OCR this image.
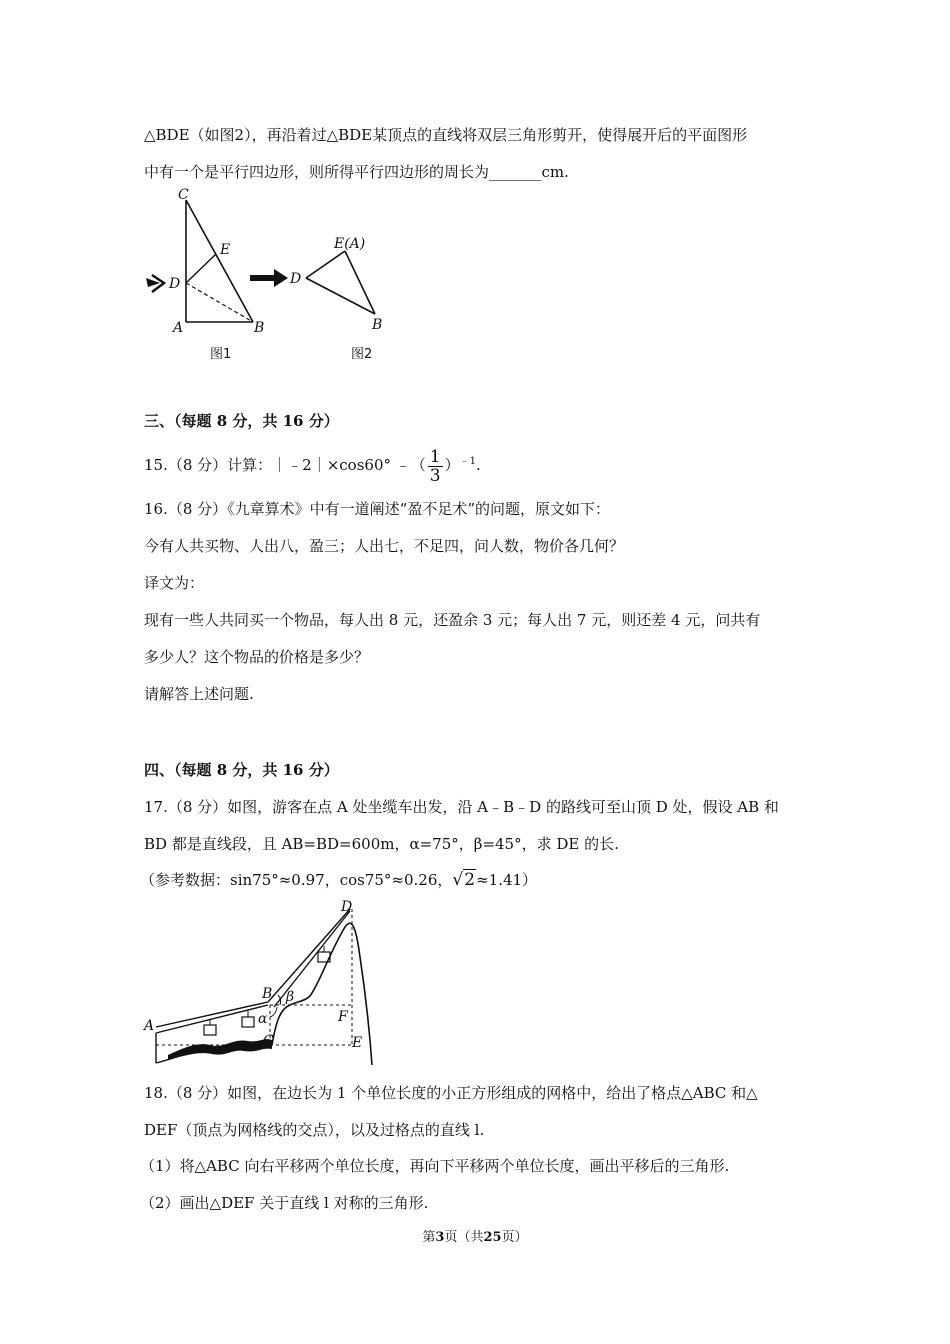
△BDE（如图2），再沿着过△BDE某顶点的直线将双层三角形剪开，使得展开后的平面图形
中有一个是平行四边形，则所得平行四边形的周长为_______cm.
C
E
D
A	B
图1
E(A)
D
B
图2
三、（每题 8 分，共 16 分）
15.（8 分）计算：｜﹣2｜×cos60° ﹣（ $\frac{1}{3} )^{﹣1}$.
16.（8 分）《九章算术》中有一道阐述“盈不足术”的问题，原文如下：
今有人共买物、人出八，盈三；人出七，不足四，问人数，物价各几何？
译文为：
现有一些人共同买一个物品，每人出 8 元，还盈余 3 元；每人出 7 元，则还差 4 元，问共有
多少人？这个物品的价格是多少？
请解答上述问题.
四、（每题 8 分，共 16 分）
17.（8 分）如图，游客在点 A 处坐缆车出发，沿 A﹣B﹣D 的路线可至山顶 D 处，假设 AB 和
BD 都是直线段，且 AB=BD=600m，α=75°，β=45°，求 DE 的长.
（参考数据：sin75°≈0.97，cos75°≈0.26，√2≈1.41）
A
B
C
D
E
F
α
β
18.（8 分）如图，在边长为 1 个单位长度的小正方形组成的网格中，给出了格点△ABC 和△
DEF（顶点为网格线的交点），以及过格点的直线 l.
（1）将△ABC 向右平移两个单位长度，再向下平移两个单位长度，画出平移后的三角形.
（2）画出△DEF 关于直线 l 对称的三角形.
第3页（共25页）
